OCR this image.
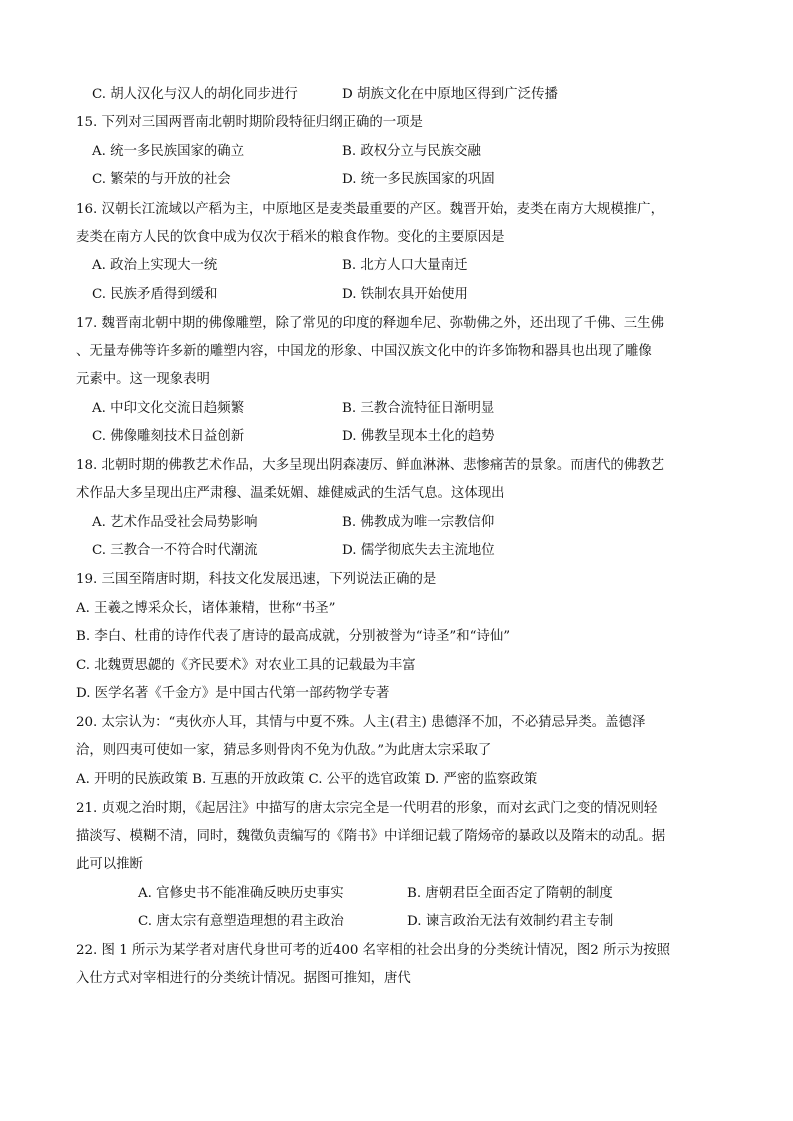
C. 胡人汉化与汉人的胡化同步进行	D 胡族文化在中原地区得到广泛传播
15. 下列对三国两晋南北朝时期阶段特征归纲正确的一项是
A. 统一多民族国家的确立	B. 政权分立与民族交融
C. 繁荣的与开放的社会	D. 统一多民族国家的巩固
16. 汉朝长江流域以产稻为主，中原地区是麦类最重要的产区。魏晋开始，麦类在南方大规模推广，
麦类在南方人民的饮食中成为仅次于稻米的粮食作物。变化的主要原因是
A. 政治上实现大一统	B. 北方人口大量南迁
C. 民族矛盾得到缓和	D. 铁制农具开始使用
17. 魏晋南北朝中期的佛像雕塑，除了常见的印度的释迦牟尼、弥勒佛之外，还出现了千佛、三生佛
、无量寿佛等许多新的雕塑内容，中国龙的形象、中国汉族文化中的许多饰物和器具也出现了雕像
元素中。这一现象表明
A. 中印文化交流日趋频繁	B. 三教合流特征日渐明显
C. 佛像雕刻技术日益创新	D. 佛教呈现本土化的趋势
18. 北朝时期的佛教艺术作品，大多呈现出阴森凄厉、鲜血淋淋、悲惨痛苦的景象。而唐代的佛教艺
术作品大多呈现出庄严肃穆、温柔妩媚、雄健威武的生活气息。这体现出
A. 艺术作品受社会局势影响	B. 佛教成为唯一宗教信仰
C. 三教合一不符合时代潮流	D. 儒学彻底失去主流地位
19. 三国至隋唐时期，科技文化发展迅速，下列说法正确的是
A. 王羲之博采众长，诸体兼精，世称“书圣”
B. 李白、杜甫的诗作代表了唐诗的最高成就，分别被誉为“诗圣”和“诗仙”
C. 北魏贾思勰的《齐民要术》对农业工具的记载最为丰富
D. 医学名著《千金方》是中国古代第一部药物学专著
20. 太宗认为：“夷伙亦人耳，其情与中夏不殊。人主(君主) 患德泽不加，不必猜忌异类。盖德泽
洽，则四夷可使如一家，猜忌多则骨肉不免为仇敌。”为此唐太宗采取了
A. 开明的民族政策 B. 互惠的开放政策 C. 公平的选官政策 D. 严密的监察政策
21. 贞观之治时期，《起居注》中描写的唐太宗完全是一代明君的形象，而对玄武门之变的情况则轻
描淡写、模糊不清，同时，魏徵负责编写的《隋书》中详细记载了隋炀帝的暴政以及隋末的动乱。据
此可以推断
A. 官修史书不能准确反映历史事实	B. 唐朝君臣全面否定了隋朝的制度
C. 唐太宗有意塑造理想的君主政治	D. 谏言政治无法有效制约君主专制
22. 图 1 所示为某学者对唐代身世可考的近400 名宰相的社会出身的分类统计情况，图2 所示为按照
入仕方式对宰相进行的分类统计情况。据图可推知，唐代
